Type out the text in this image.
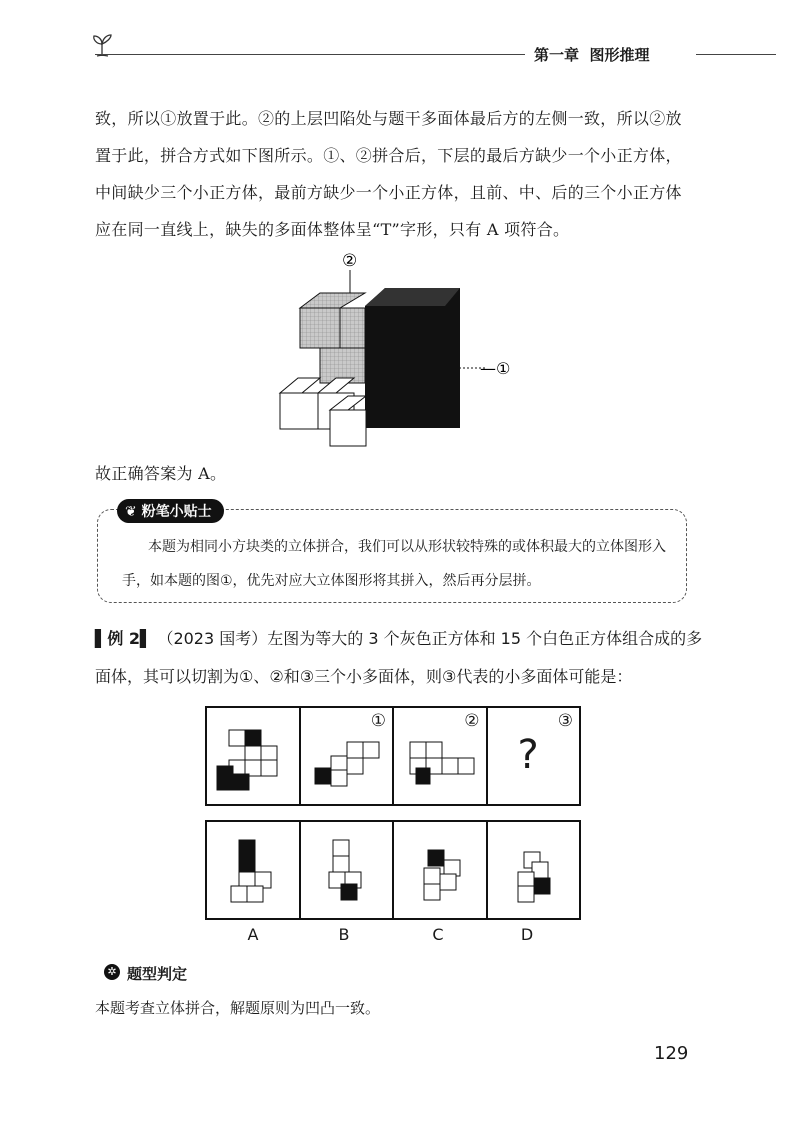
第一章 图形推理
致，所以①放置于此。②的上层凹陷处与题干多面体最后方的左侧一致，所以②放置于此，拼合方式如下图所示。①、②拼合后，下层的最后方缺少一个小正方体，中间缺少三个小正方体，最前方缺少一个小正方体，且前、中、后的三个小正方体应在同一直线上，缺失的多面体整体呈“T”字形，只有 A 项符合。
②
—①
故正确答案为 A。
❦ 粉笔小贴士
本题为相同小方块类的立体拼合，我们可以从形状较特殊的或体积最大的立体图形入手，如本题的图①，优先对应大立体图形将其拼入，然后再分层拼。
▌例 2▌ （2023 国考）左图为等大的 3 个灰色正方体和 15 个白色正方体组合成的多面体，其可以切割为①、②和③三个小多面体，则③代表的小多面体可能是：
①	②	③
?
A	B	C	D
✲ 题型判定
本题考查立体拼合，解题原则为凹凸一致。
129
